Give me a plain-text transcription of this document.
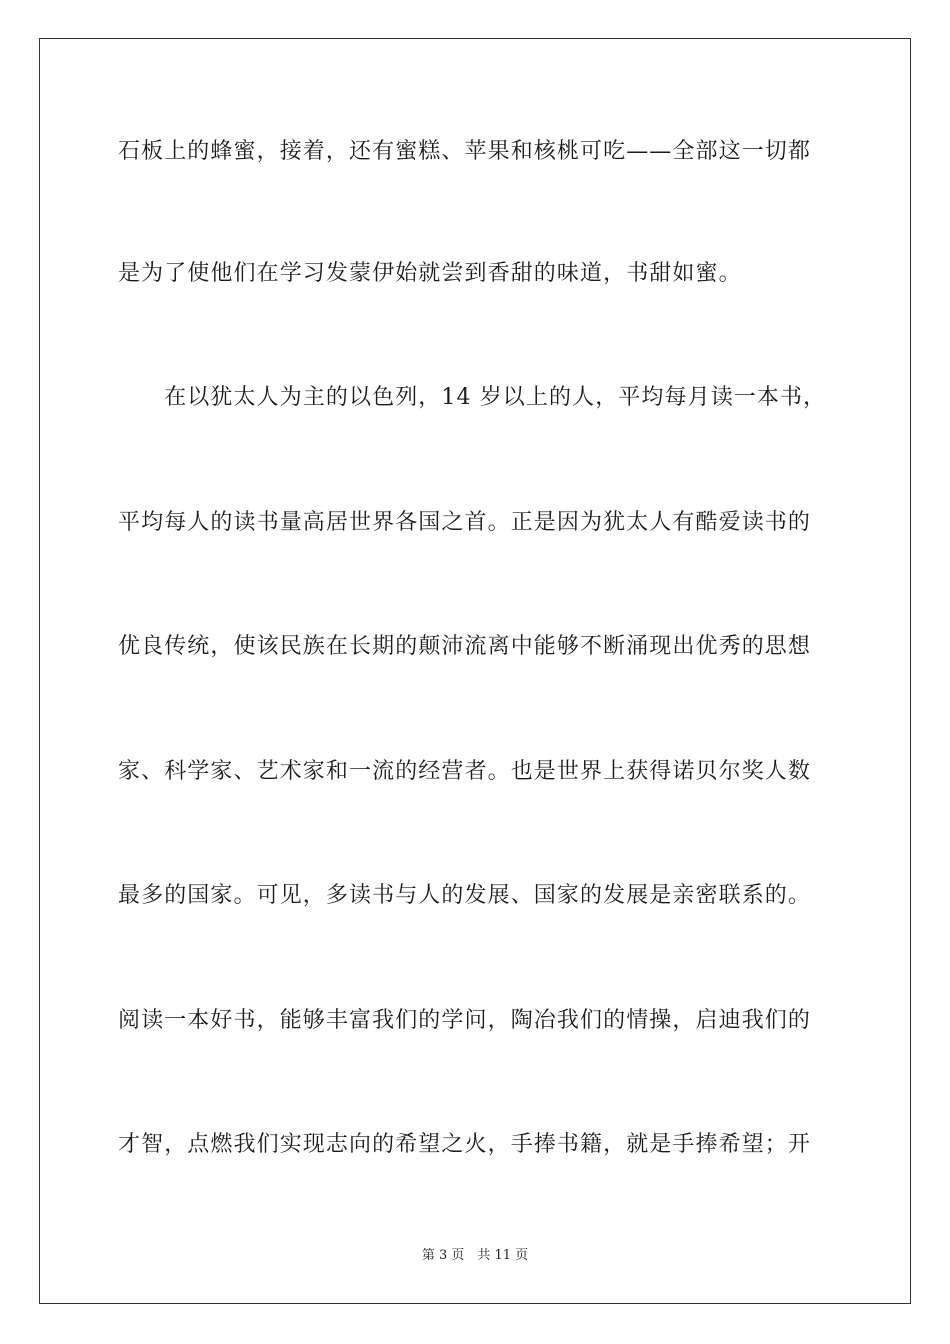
石板上的蜂蜜，接着，还有蜜糕、苹果和核桃可吃——全部这一切都
是为了使他们在学习发蒙伊始就尝到香甜的味道，书甜如蜜。
　　在以犹太人为主的以色列，14 岁以上的人，平均每月读一本书，
平均每人的读书量高居世界各国之首。正是因为犹太人有酷爱读书的
优良传统，使该民族在长期的颠沛流离中能够不断涌现出优秀的思想
家、科学家、艺术家和一流的经营者。也是世界上获得诺贝尔奖人数
最多的国家。可见，多读书与人的发展、国家的发展是亲密联系的。
阅读一本好书，能够丰富我们的学问，陶冶我们的情操，启迪我们的
才智，点燃我们实现志向的希望之火，手捧书籍，就是手捧希望；开
第 3 页　共 11 页
